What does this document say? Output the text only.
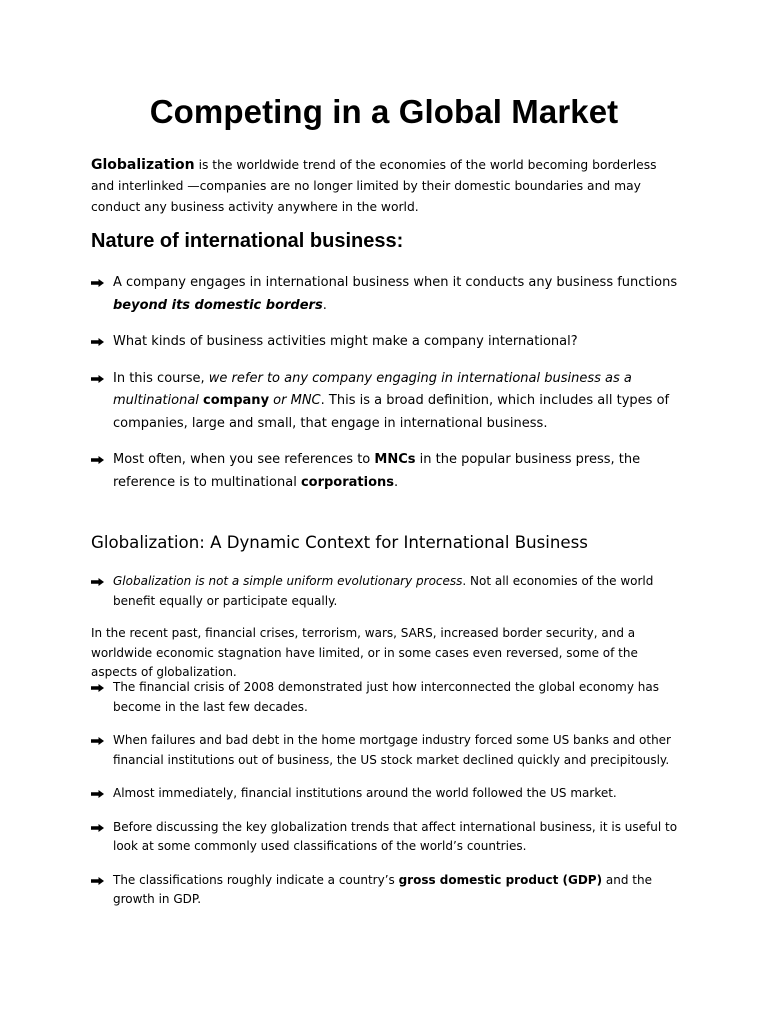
Competing in a Global Market

Globalization is the worldwide trend of the economies of the world becoming borderless and interlinked —companies are no longer limited by their domestic boundaries and may conduct any business activity anywhere in the world.

Nature of international business:
A company engages in international business when it conducts any business functions beyond its domestic borders.
What kinds of business activities might make a company international?
In this course, we refer to any company engaging in international business as a multinational company or MNC. This is a broad definition, which includes all types of companies, large and small, that engage in international business.
Most often, when you see references to MNCs in the popular business press, the reference is to multinational corporations.
Globalization: A Dynamic Context for International Business
Globalization is not a simple uniform evolutionary process. Not all economies of the world benefit equally or participate equally.

In the recent past, financial crises, terrorism, wars, SARS, increased border security, and a worldwide economic stagnation have limited, or in some cases even reversed, some of the aspects of globalization.

The financial crisis of 2008 demonstrated just how interconnected the global economy has become in the last few decades.
When failures and bad debt in the home mortgage industry forced some US banks and other financial institutions out of business, the US stock market declined quickly and precipitously.
Almost immediately, financial institutions around the world followed the US market.
Before discussing the key globalization trends that affect international business, it is useful to look at some commonly used classifications of the world’s countries.
The classifications roughly indicate a country’s gross domestic product (GDP) and the growth in GDP.
